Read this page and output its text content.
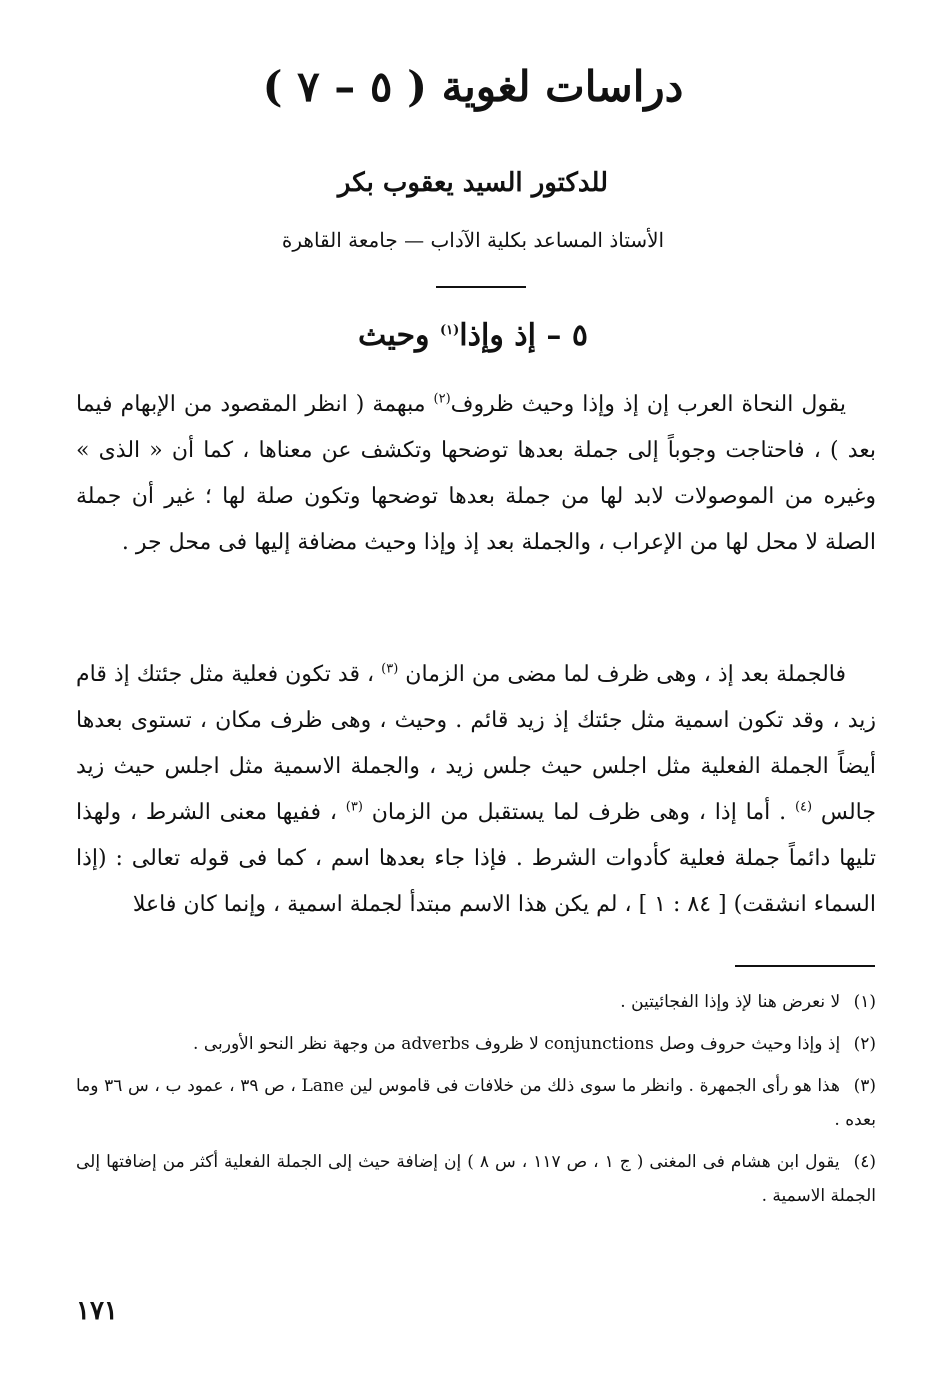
دراسات لغوية ( ٥ – ٧ )
للدكتور السيد يعقوب بكر
الأستاذ المساعد بكلية الآداب — جامعة القاهرة
٥ – إذ وإذا$^{(١)}$ وحيث

يقول النحاة العرب إن إذ وإذا وحيث ظروف$^{(٢)}$ مبهمة ( انظر المقصود من الإبهام فيما بعد ) ، فاحتاجت وجوباً إلى جملة بعدها توضحها وتكشف عن معناها ، كما أن « الذى » وغيره من الموصولات لابد لها من جملة بعدها توضحها وتكون صلة لها ؛ غير أن جملة الصلة لا محل لها من الإعراب ، والجملة بعد إذ وإذا وحيث مضافة إليها فى محل جر .

فالجملة بعد إذ ، وهى ظرف لما مضى من الزمان $^{(٣)}$ ، قد تكون فعلية مثل جئتك إذ قام زيد ، وقد تكون اسمية مثل جئتك إذ زيد قائم . وحيث ، وهى ظرف مكان ، تستوى بعدها أيضاً الجملة الفعلية مثل اجلس حيث جلس زيد ، والجملة الاسمية مثل اجلس حيث زيد جالس $^{(٤)}$ . أما إذا ، وهى ظرف لما يستقبل من الزمان $^{(٣)}$ ، ففيها معنى الشرط ، ولهذا تليها دائماً جملة فعلية كأدوات الشرط . فإذا جاء بعدها اسم ، كما فى قوله تعالى : (إذا السماء انشقت) [ ٨٤ : ١ ] ، لم يكن هذا الاسم مبتدأ لجملة اسمية ، وإنما كان فاعلا

(١) لا نعرض هنا لإذ وإذا الفجائيتين .

(٢) إذ وإذا وحيث حروف وصل conjunctions لا ظروف adverbs من وجهة نظر النحو الأوربى .

(٣) هذا هو رأى الجمهرة . وانظر ما سوى ذلك من خلافات فى قاموس لين Lane ، ص ٣٩ ، عمود ب ، س ٣٦ وما بعده .

(٤) يقول ابن هشام فى المغنى ( ج ١ ، ص ١١٧ ، س ٨ ) إن إضافة حيث إلى الجملة الفعلية أكثر من إضافتها إلى الجملة الاسمية .

١٧١
